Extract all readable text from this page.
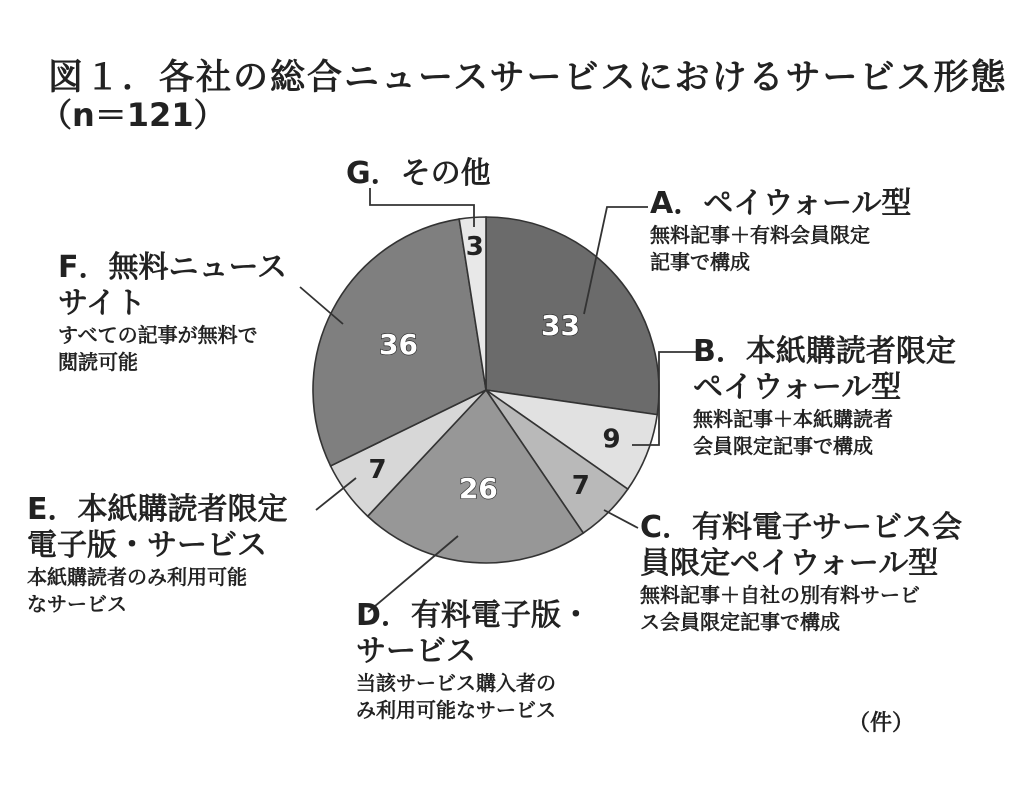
図１．各社の総合ニュースサービスにおけるサービス形態

（n＝121）

33
9
7
26
7
36
3
A．ペイウォール型
無料記事＋有料会員限定
記事で構成
B．本紙購読者限定
ペイウォール型
無料記事＋本紙購読者
会員限定記事で構成
C．有料電子サービス会
員限定ペイウォール型
無料記事＋自社の別有料サービ
ス会員限定記事で構成
D．有料電子版・
サービス
当該サービス購入者の
み利用可能なサービス
E．本紙購読者限定
電子版・サービス
本紙購読者のみ利用可能
なサービス
F．無料ニュース
サイト
すべての記事が無料で
閲読可能
G．その他
（件）
